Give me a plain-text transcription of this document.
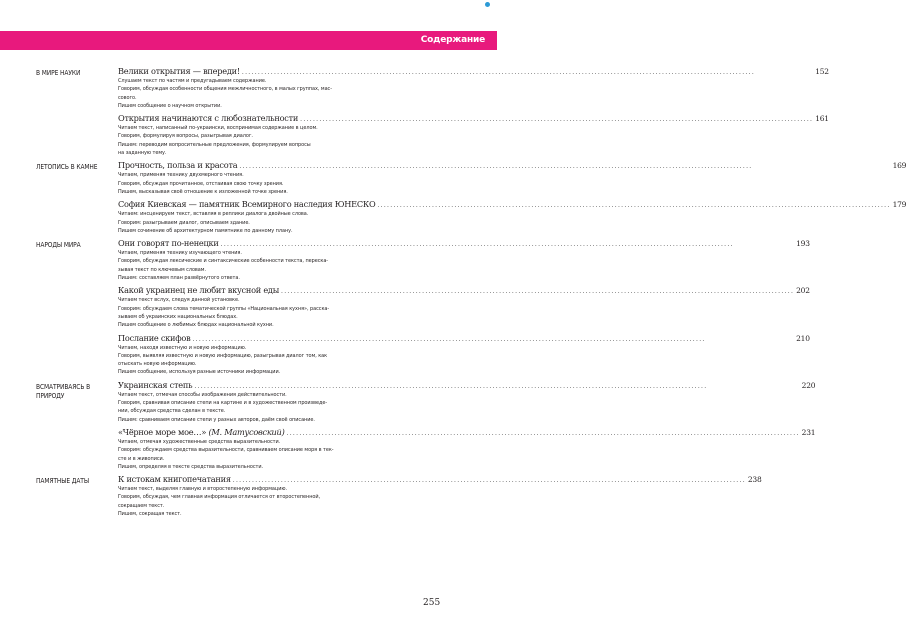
Содержание
В МИРЕ НАУКИ	Велики открытия — впереди! ................................................................................................................................................................	152
Слушаем текст по частям и предугадываем содержание.
Говорим, обсуждая особенности общения межличностного, в малых группах, мас-
сового.
Пишем сообщение о научном открытии.
Открытия начинаются с любознательности ................................................................................................................................................................ 161
Читаем текст, написанный по-украински, воспринимая содержание в целом.
Говорим, формулируя вопросы, разыгрывая диалог.
Пишем: переводим вопросительные предложения, формулируем вопросы
на заданную тему.
ЛЕТОПИСЬ В КАМНЕ	Прочность, польза и красота ................................................................................................................................................................	169
Читаем, применяя технику двухмерного чтения.
Говорим, обсуждая прочитанное, отстаивая свою точку зрения.
Пишем, высказывая своё отношение к изложенной точке зрения.
София Киевская — памятник Всемирного наследия ЮНЕСКО ................................................................................................................................................................ 179
Читаем: инсценируем текст, вставляя в реплики диалога двойные слова.
Говорим: разыгрываем диалог, описываем здание.
Пишем сочинение об архитектурном памятнике по данному плану.
НАРОДЫ МИРА	Они говорят по-ненецки ................................................................................................................................................................	193
Читаем, применяя технику изучающего чтения.
Говорим, обсуждая лексические и синтаксические особенности текста, переска-
зывая текст по ключевым словам.
Пишем: составляем план развёрнутого ответа.
Какой украинец не любит вкусной еды ................................................................................................................................................................ 202
Читаем текст вслух, следуя данной установке.
Говорим: обсуждаем слова тематической группы «Национальная кухня», расска-
зываем об украинских национальных блюдах.
Пишем сообщение о любимых блюдах национальной кухни.
Послание скифов ................................................................................................................................................................	210
Читаем, находя известную и новую информацию.
Говорим, выявляя известную и новую информацию, разыгрывая диалог том, как
отыскать новую информацию.
Пишем сообщение, используя разные источники информации.
ВСМАТРИВАЯСЬ В ПРИРОДУ
Украинская степь ................................................................................................................................................................	220
Читаем текст, отмечая способы изображения действительности.
Говорим, сравнивая описание степи на картине и в художественном произведе-
нии, обсуждая средства сделан в тексте.
Пишем: сравниваем описание степи у разных авторов, даём своё описание.
«Чёрное море мое…» (М. Матусовский) ................................................................................................................................................................ 231
Читаем, отмечая художественные средства выразительности.
Говорим: обсуждаем средства выразительности, сравниваем описание моря в тек-
сте и в живописи.
Пишем, определяя в тексте средства выразительности.
ПАМЯТНЫЕ ДАТЫ	К истокам книгопечатания ................................................................................................................................................................ 238
Читаем текст, выделяя главную и второстепенную информацию.
Говорим, обсуждая, чем главная информация отличается от второстепенной,
сокращаем текст.
Пишем, сокращая текст.
255
